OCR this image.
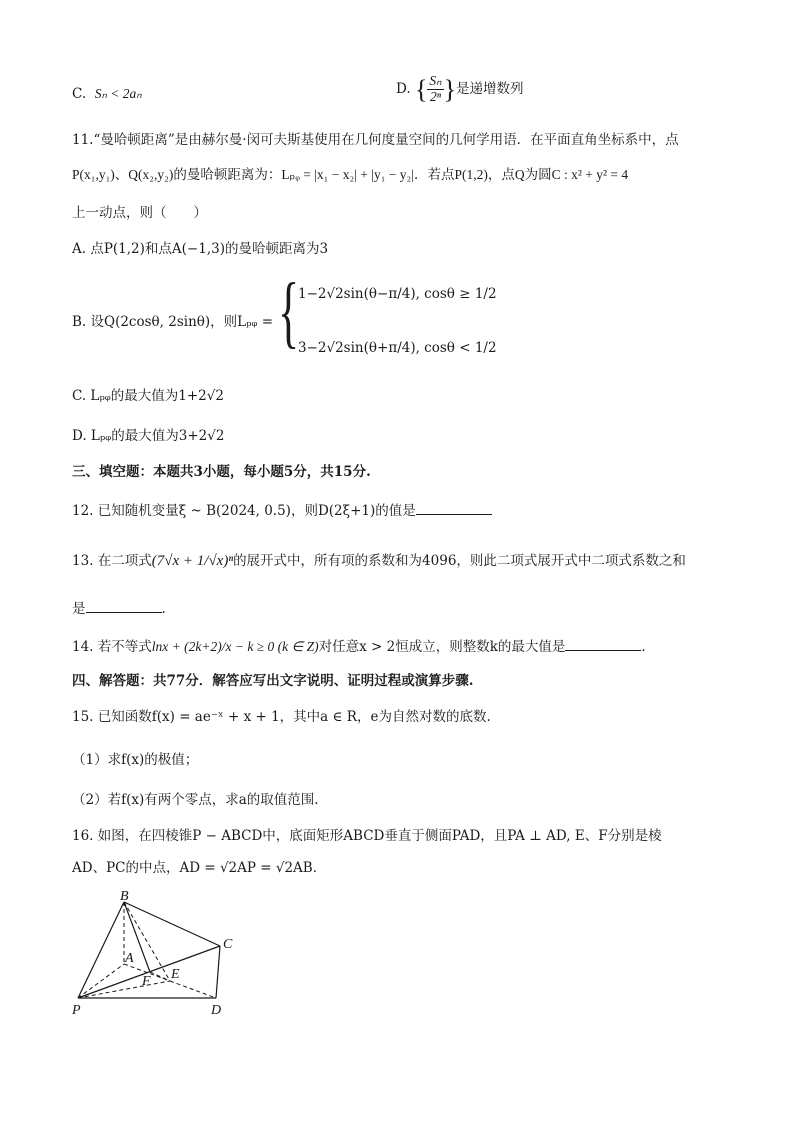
C. Sₙ < 2aₙ	D. { $\frac{\text{Sₙ}}{\text{2ⁿ}}$ }是递增数列
11.“曼哈顿距离”是由赫尔曼·闵可夫斯基使用在几何度量空间的几何学用语．在平面直角坐标系中，点
P(x₁,y₁)、Q(x₂,y₂)的曼哈顿距离为：Lₚᵩ = |x₁ − x₂| + |y₁ − y₂|．若点P(1,2)，点Q为圆C : x² + y² = 4
上一动点，则（　　）
A. 点P(1,2)和点A(−1,3)的曼哈顿距离为3
B. 设Q(2cosθ, 2sinθ)，则Lₚᵩ = {
1−2√2sin(θ−π/4), cosθ ≥ 1/2
3−2√2sin(θ+π/4), cosθ < 1/2
C. Lₚᵩ的最大值为1+2√2
D. Lₚᵩ的最大值为3+2√2
三、填空题：本题共3小题，每小题5分，共15分.
12. 已知随机变量ξ ~ B(2024, 0.5)，则D(2ξ+1)的值是
13. 在二项式(7√x + 1/√x)ⁿ的展开式中，所有项的系数和为4096，则此二项式展开式中二项式系数之和
是	.
14. 若不等式lnx + (2k+2)/x − k ≥ 0 (k ∈ Z)对任意x > 2恒成立，则整数k的最大值是	.
四、解答题：共77分．解答应写出文字说明、证明过程或演算步骤.
15. 已知函数f(x) = ae⁻ˣ + x + 1，其中a ∈ R，e为自然对数的底数.
（1）求f(x)的极值；
（2）若f(x)有两个零点，求a的取值范围.
16. 如图，在四棱锥P − ABCD中，底面矩形ABCD垂直于侧面PAD，且PA ⊥ AD, E、F分别是棱
AD、PC的中点，AD = √2AP = √2AB．
B
C
A
F E
P	D
